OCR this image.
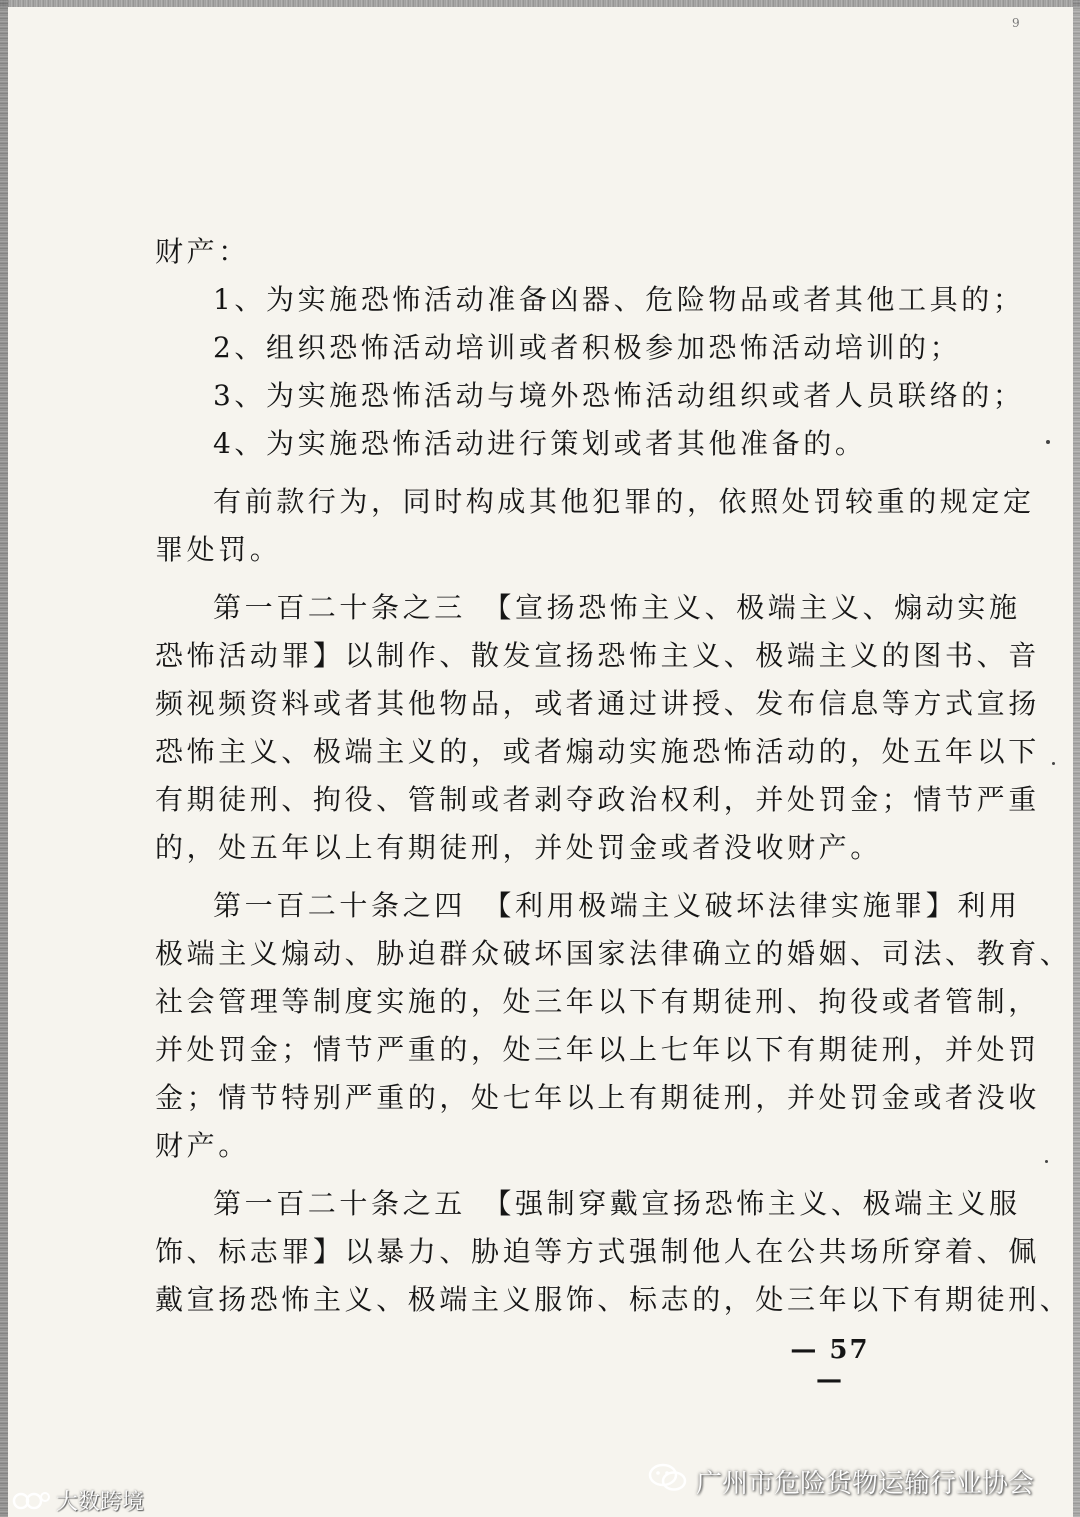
9

财产：

1、为实施恐怖活动准备凶器、危险物品或者其他工具的；

2、组织恐怖活动培训或者积极参加恐怖活动培训的；

3、为实施恐怖活动与境外恐怖活动组织或者人员联络的；

4、为实施恐怖活动进行策划或者其他准备的。

有前款行为，同时构成其他犯罪的，依照处罚较重的规定定

罪处罚。

第一百二十条之三　【宣扬恐怖主义、极端主义、煽动实施

恐怖活动罪】以制作、散发宣扬恐怖主义、极端主义的图书、音

频视频资料或者其他物品，或者通过讲授、发布信息等方式宣扬

恐怖主义、极端主义的，或者煽动实施恐怖活动的，处五年以下

有期徒刑、拘役、管制或者剥夺政治权利，并处罚金；情节严重

的，处五年以上有期徒刑，并处罚金或者没收财产。

第一百二十条之四　【利用极端主义破坏法律实施罪】利用

极端主义煽动、胁迫群众破坏国家法律确立的婚姻、司法、教育、

社会管理等制度实施的，处三年以下有期徒刑、拘役或者管制，

并处罚金；情节严重的，处三年以上七年以下有期徒刑，并处罚

金；情节特别严重的，处七年以上有期徒刑，并处罚金或者没收

财产。

第一百二十条之五　【强制穿戴宣扬恐怖主义、极端主义服

饰、标志罪】以暴力、胁迫等方式强制他人在公共场所穿着、佩

戴宣扬恐怖主义、极端主义服饰、标志的，处三年以下有期徒刑、

— 57 —
大数跨境
广州市危险货物运输行业协会
